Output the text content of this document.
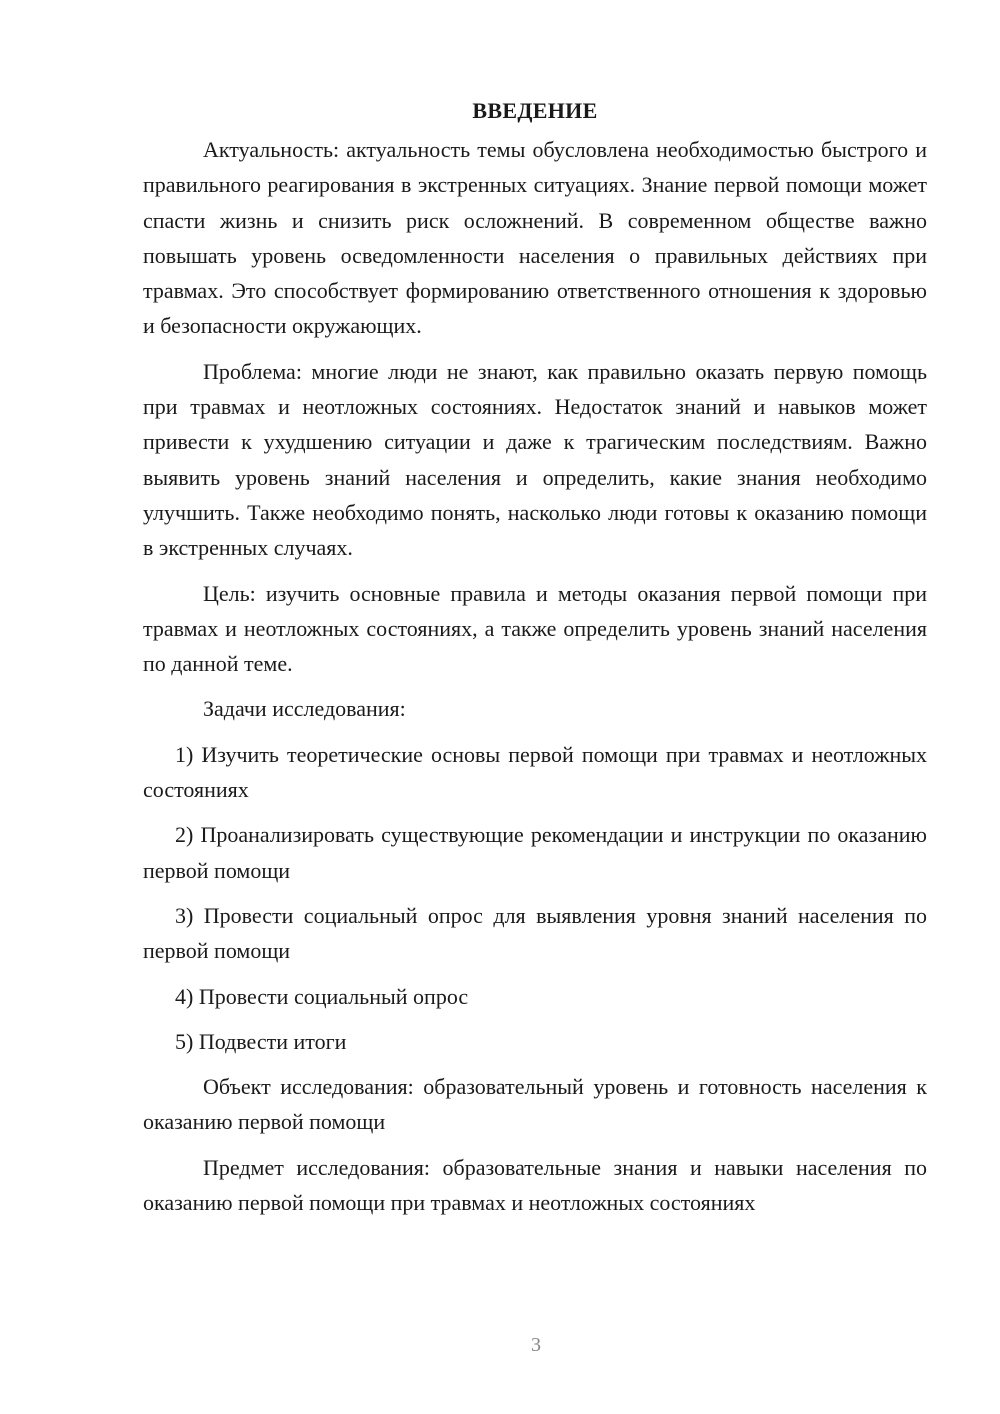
ВВЕДЕНИЕ

Актуальность: актуальность темы обусловлена необходимостью быстрого и правильного реагирования в экстренных ситуациях. Знание первой помощи может спасти жизнь и снизить риск осложнений. В современном обществе важно повышать уровень осведомленности населения о правильных действиях при травмах. Это способствует формированию ответственного отношения к здоровью и безопасности окружающих.

Проблема: многие люди не знают, как правильно оказать первую помощь при травмах и неотложных состояниях. Недостаток знаний и навыков может привести к ухудшению ситуации и даже к трагическим последствиям. Важно выявить уровень знаний населения и определить, какие знания необходимо улучшить. Также необходимо понять, насколько люди готовы к оказанию помощи в экстренных случаях.

Цель: изучить основные правила и методы оказания первой помощи при травмах и неотложных состояниях, а также определить уровень знаний населения по данной теме.

Задачи исследования:

1) Изучить теоретические основы первой помощи при травмах и неотложных состояниях

2) Проанализировать существующие рекомендации и инструкции по оказанию первой помощи

3) Провести социальный опрос для выявления уровня знаний населения по первой помощи

4) Провести социальный опрос

5) Подвести итоги

Объект исследования: образовательный уровень и готовность населения к оказанию первой помощи

Предмет исследования: образовательные знания и навыки населения по оказанию первой помощи при травмах и неотложных состояниях

3
